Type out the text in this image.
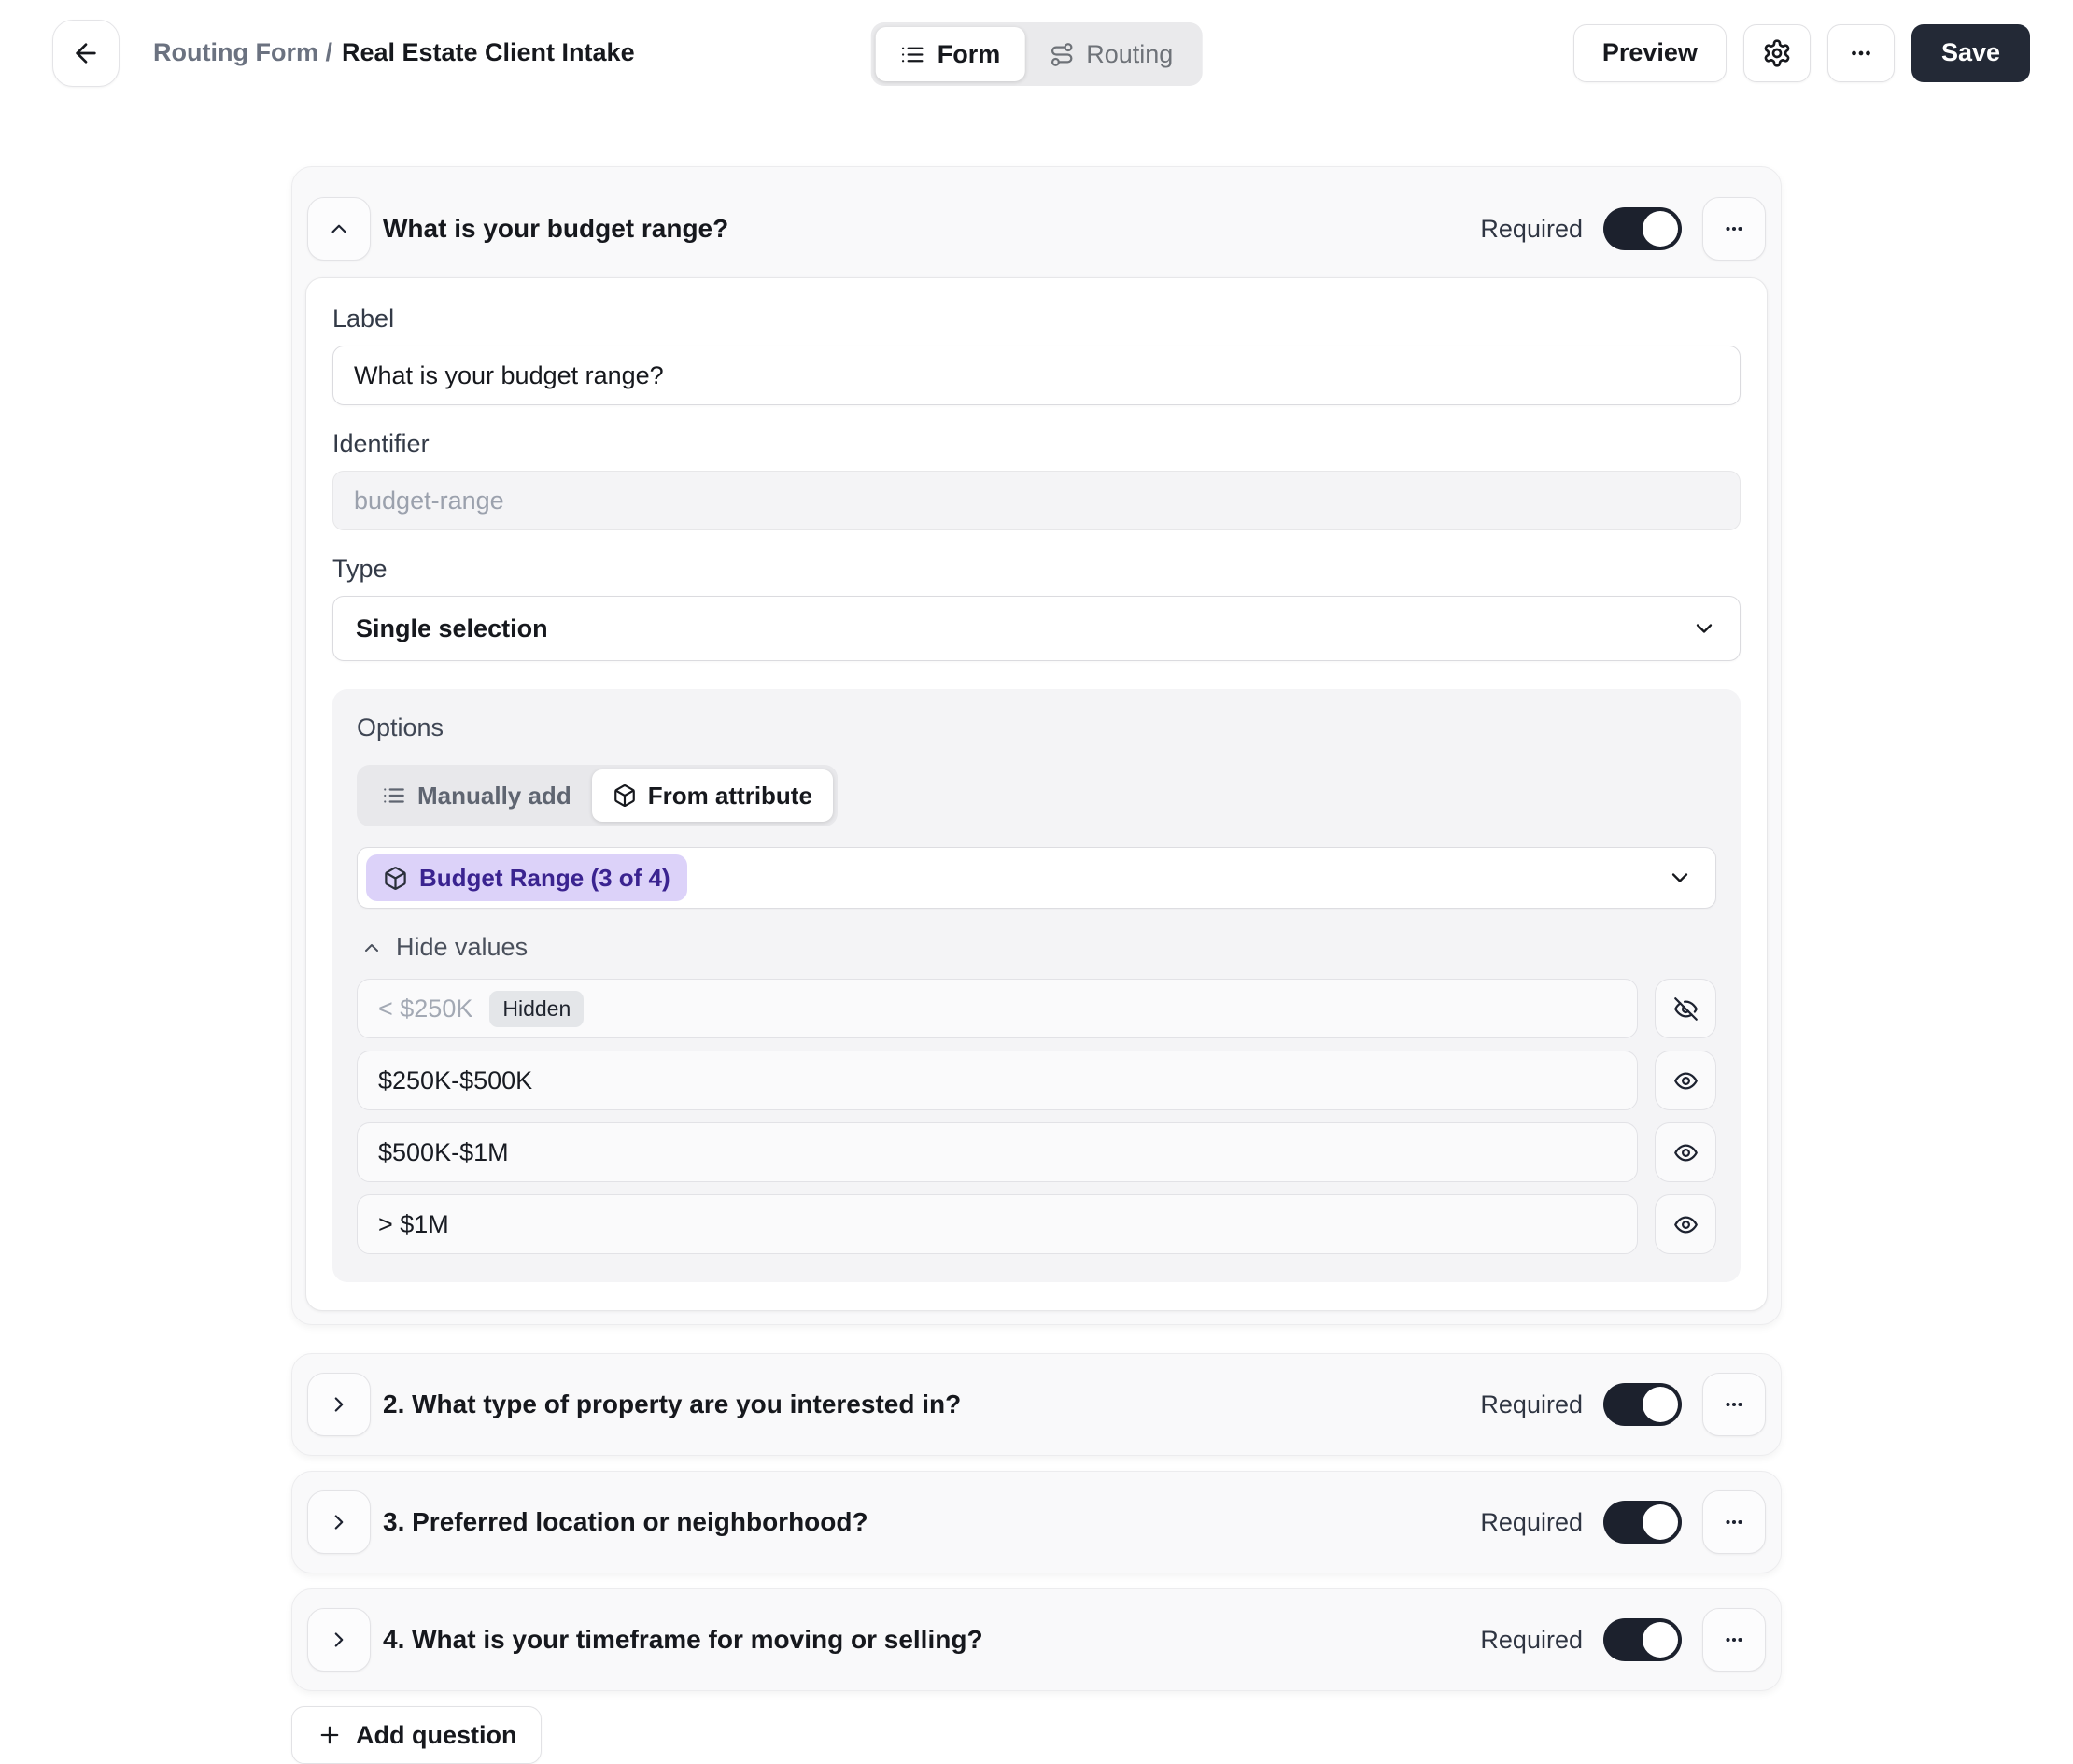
Routing Form / Real Estate Client Intake	Form	Routing	Preview	Save
What is your budget range?	Required
Label
What is your budget range?
Identifier
budget-range
Type
Single selection
Options
Manually add	From attribute
Budget Range (3 of 4)
Hide values
< $250K	Hidden
$250K-$500K
$500K-$1M
> $1M
2. What type of property are you interested in?	Required
3. Preferred location or neighborhood?	Required
4. What is your timeframe for moving or selling?	Required
Add question
